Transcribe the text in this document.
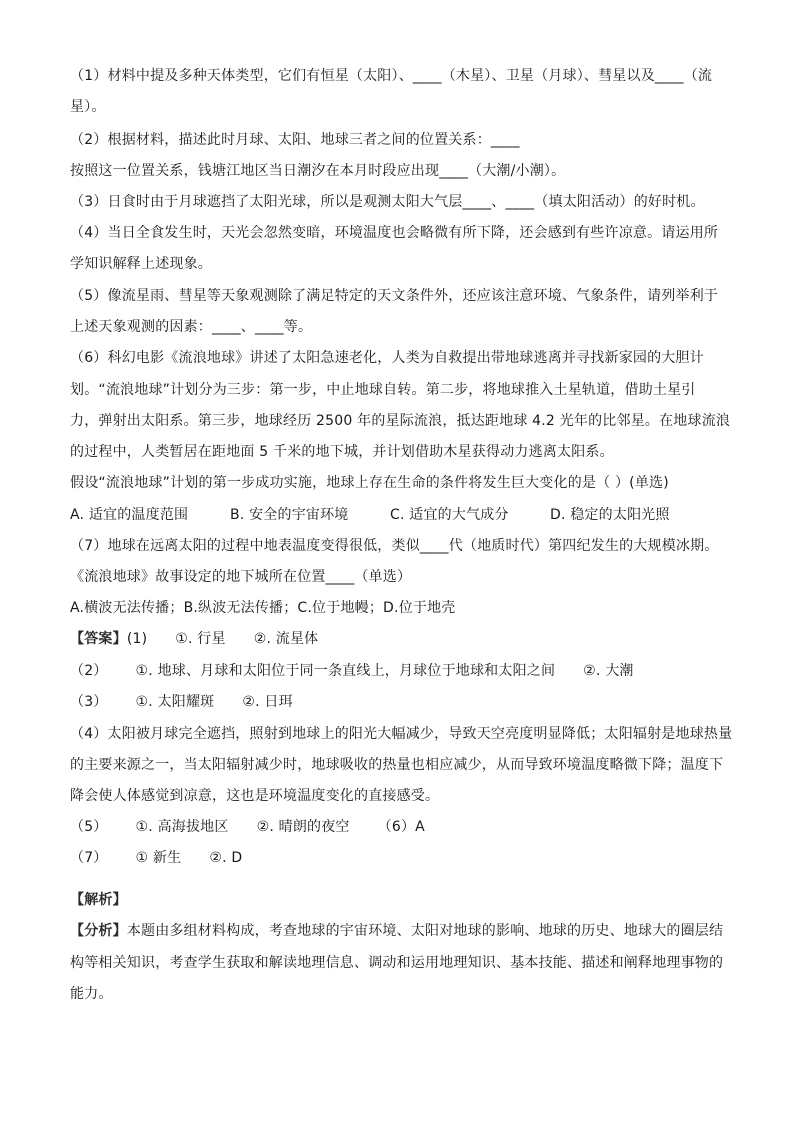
（1）材料中提及多种天体类型，它们有恒星（太阳）、____（木星）、卫星（月球）、彗星以及____（流
星）。
（2）根据材料，描述此时月球、太阳、地球三者之间的位置关系：____
按照这一位置关系，钱塘江地区当日潮汐在本月时段应出现____（大潮/小潮）。
（3）日食时由于月球遮挡了太阳光球，所以是观测太阳大气层____、____（填太阳活动）的好时机。
（4）当日全食发生时，天光会忽然变暗，环境温度也会略微有所下降，还会感到有些许凉意。请运用所
学知识解释上述现象。
（5）像流星雨、彗星等天象观测除了满足特定的天文条件外，还应该注意环境、气象条件，请列举利于
上述天象观测的因素：____、____等。
（6）科幻电影《流浪地球》讲述了太阳急速老化，人类为自救提出带地球逃离并寻找新家园的大胆计
划。“流浪地球”计划分为三步：第一步，中止地球自转。第二步，将地球推入土星轨道，借助土星引
力，弹射出太阳系。第三步，地球经历 2500 年的星际流浪，抵达距地球 4.2 光年的比邻星。在地球流浪
的过程中，人类暂居在距地面 5 千米的地下城，并计划借助木星获得动力逃离太阳系。
假设“流浪地球”计划的第一步成功实施，地球上存在生命的条件将发生巨大变化的是（ ）(单选)
A. 适宜的温度范围	B. 安全的宇宙环境	C. 适宜的大气成分	D. 稳定的太阳光照
（7）地球在远离太阳的过程中地表温度变得很低，类似____代（地质时代）第四纪发生的大规模冰期。
《流浪地球》故事设定的地下城所在位置____（单选）
A.横波无法传播；B.纵波无法传播；C.位于地幔；D.位于地壳
【答案】(1) ①. 行星 ②. 流星体
（2） ①. 地球、月球和太阳位于同一条直线上，月球位于地球和太阳之间 ②. 大潮
（3） ①. 太阳耀斑 ②. 日珥
（4）太阳被月球完全遮挡，照射到地球上的阳光大幅减少，导致天空亮度明显降低；太阳辐射是地球热量
的主要来源之一，当太阳辐射减少时，地球吸收的热量也相应减少，从而导致环境温度略微下降；温度下
降会使人体感觉到凉意，这也是环境温度变化的直接感受。
（5） ①. 高海拔地区 ②. 晴朗的夜空 （6）A
（7） ① 新生 ②. D
【解析】
【分析】本题由多组材料构成，考查地球的宇宙环境、太阳对地球的影响、地球的历史、地球大的圈层结
构等相关知识，考查学生获取和解读地理信息、调动和运用地理知识、基本技能、描述和阐释地理事物的
能力。
